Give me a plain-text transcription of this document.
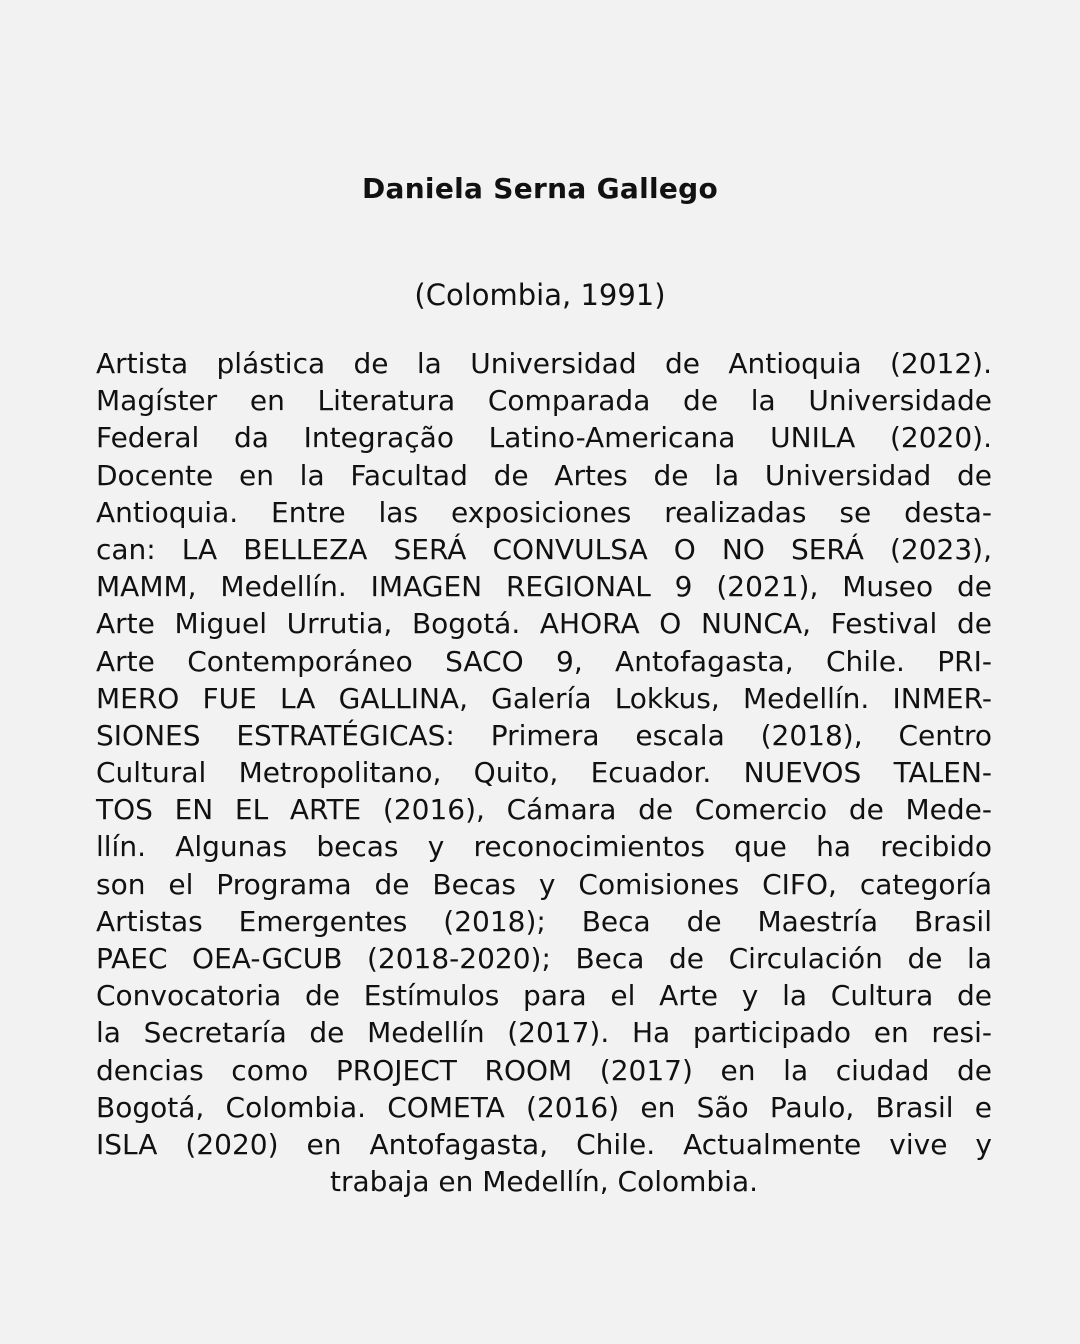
Daniela Serna Gallego
(Colombia, 1991)
Artista plástica de la Universidad de Antioquia (2012).
Magíster en Literatura Comparada de la Universidade
Federal da Integração Latino-Americana UNILA (2020).
Docente en la Facultad de Artes de la Universidad de
Antioquia. Entre las exposiciones realizadas se desta-
can: LA BELLEZA SERÁ CONVULSA O NO SERÁ (2023),
MAMM, Medellín. IMAGEN REGIONAL 9 (2021), Museo de
Arte Miguel Urrutia, Bogotá. AHORA O NUNCA, Festival de
Arte Contemporáneo SACO 9, Antofagasta, Chile. PRI-
MERO FUE LA GALLINA, Galería Lokkus, Medellín. INMER-
SIONES ESTRATÉGICAS: Primera escala (2018), Centro
Cultural Metropolitano, Quito, Ecuador. NUEVOS TALEN-
TOS EN EL ARTE (2016), Cámara de Comercio de Mede-
llín. Algunas becas y reconocimientos que ha recibido
son el Programa de Becas y Comisiones CIFO, categoría
Artistas Emergentes (2018); Beca de Maestría Brasil
PAEC OEA-GCUB (2018-2020); Beca de Circulación de la
Convocatoria de Estímulos para el Arte y la Cultura de
la Secretaría de Medellín (2017). Ha participado en resi-
dencias como PROJECT ROOM (2017) en la ciudad de
Bogotá, Colombia. COMETA (2016) en São Paulo, Brasil e
ISLA (2020) en Antofagasta, Chile. Actualmente vive y
trabaja en Medellín, Colombia.
